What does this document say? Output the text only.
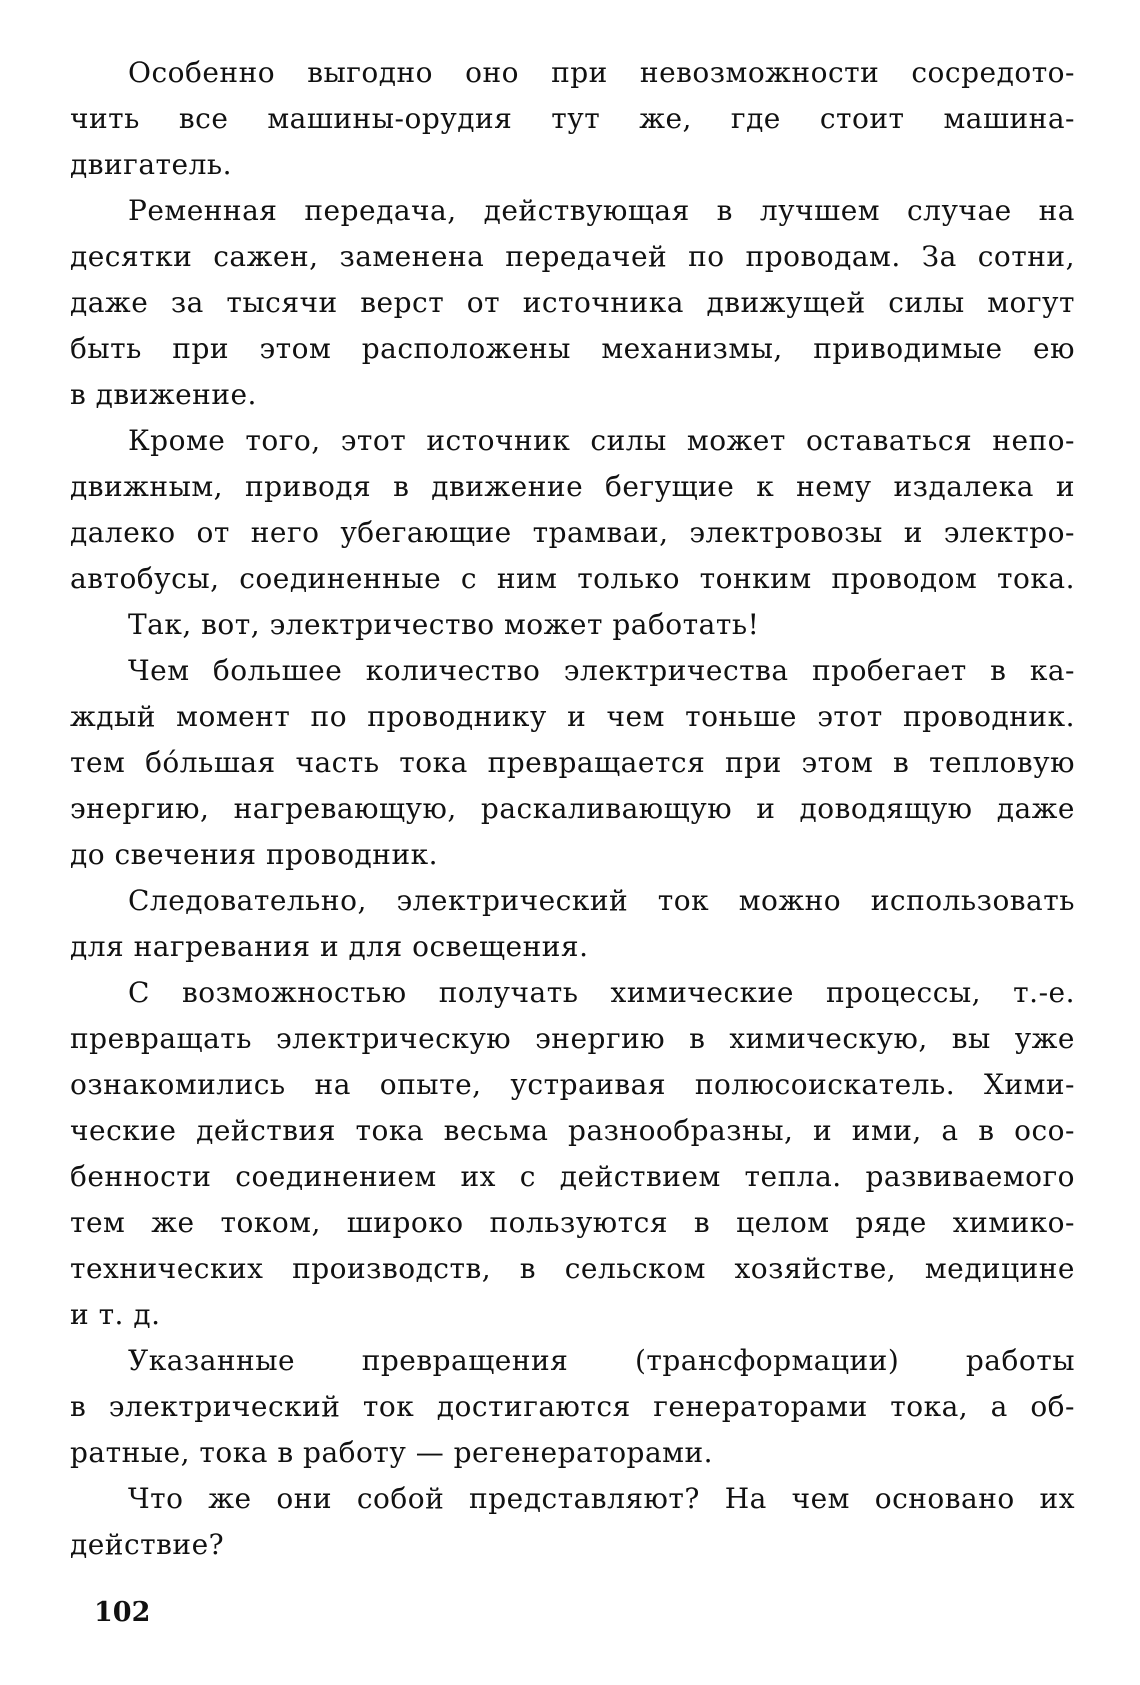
Особенно выгодно оно при невозможности сосредото-
чить все машины-орудия тут же, где стоит машина-
двигатель.
Ременная передача, действующая в лучшем случае на
десятки сажен, заменена передачей по проводам. За сотни,
даже за тысячи верст от источника движущей силы могут
быть при этом расположены механизмы, приводимые ею
в движение.
Кроме того, этот источник силы может оставаться непо-
движным, приводя в движение бегущие к нему издалека и
далеко от него убегающие трамваи, электровозы и электро-
автобусы, соединенные с ним только тонким проводом тока.
Так, вот, электричество может работать!
Чем большее количество электричества пробегает в ка-
ждый момент по проводнику и чем тоньше этот проводник.
тем бóльшая часть тока превращается при этом в тепловую
энергию, нагревающую, раскаливающую и доводящую даже
до свечения проводник.
Следовательно, электрический ток можно использовать
для нагревания и для освещения.
С возможностью получать химические процессы, т.-е.
превращать электрическую энергию в химическую, вы уже
ознакомились на опыте, устраивая полюсоискатель. Хими-
ческие действия тока весьма разнообразны, и ими, а в осо-
бенности соединением их с действием тепла. развиваемого
тем же током, широко пользуются в целом ряде химико-
технических производств, в сельском хозяйстве, медицине
и т. д.
Указанные превращения (трансформации) работы
в электрический ток достигаются генераторами тока, а об-
ратные, тока в работу — регенераторами.
Что же они собой представляют? На чем основано их
действие?
102
